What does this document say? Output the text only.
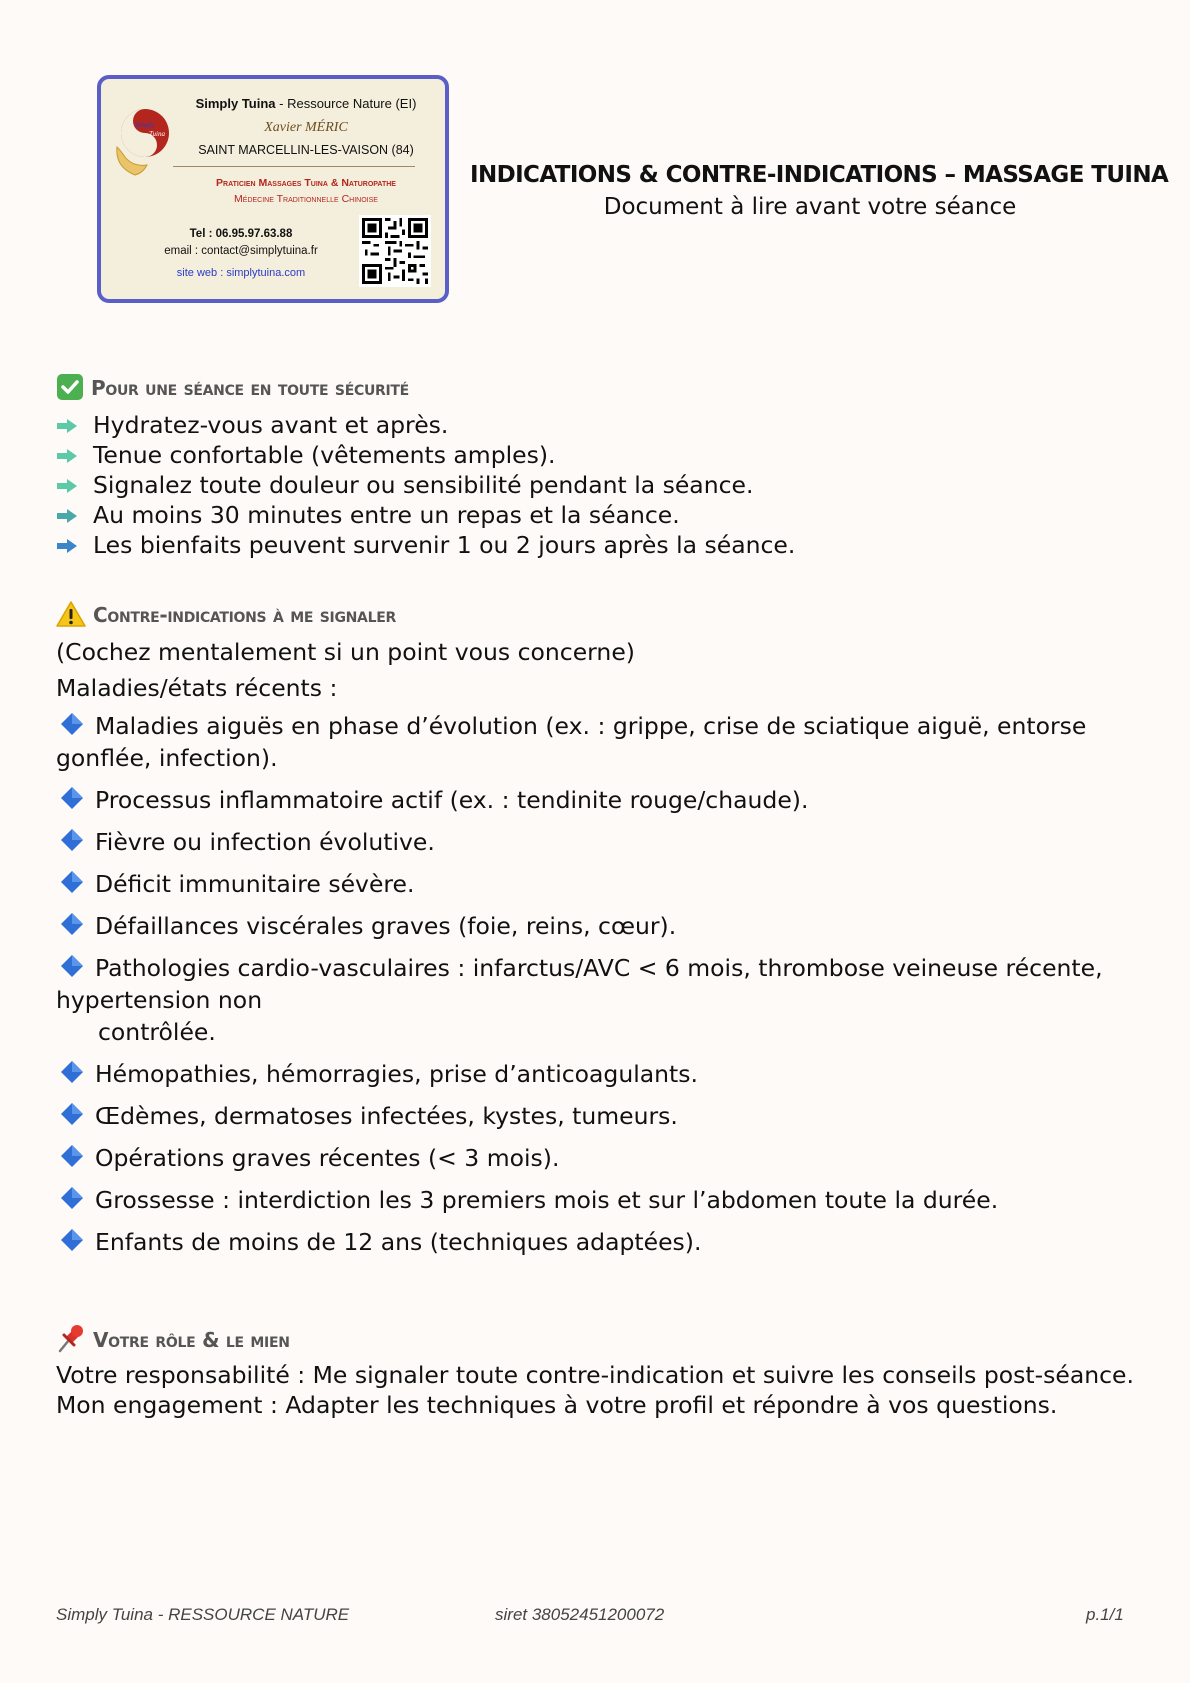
Simply
Tuina
Simply Tuina - Ressource Nature (EI)
Xavier MÉRIC
SAINT MARCELLIN-LES-VAISON (84)
Praticien Massages Tuina & Naturopathe
Médecine Traditionnelle Chinoise
Tel : 06.95.97.63.88
email : contact@simplytuina.fr
site web : simplytuina.com
INDICATIONS & CONTRE-INDICATIONS – MASSAGE TUINA
Document à lire avant votre séance
Pour une séance en toute sécurité
Hydratez-vous avant et après.
Tenue confortable (vêtements amples).
Signalez toute douleur ou sensibilité pendant la séance.
Au moins 30 minutes entre un repas et la séance.
Les bienfaits peuvent survenir 1 ou 2 jours après la séance.
Contre-indications à me signaler
(Cochez mentalement si un point vous concerne)
Maladies/états récents :
Maladies aiguës en phase d’évolution (ex. : grippe, crise de sciatique aiguë, entorse gonflée, infection).
Processus inflammatoire actif (ex. : tendinite rouge/chaude).
Fièvre ou infection évolutive.
Déficit immunitaire sévère.
Défaillances viscérales graves (foie, reins, cœur).
Pathologies cardio-vasculaires : infarctus/AVC < 6 mois, thrombose veineuse récente, hypertension non
contrôlée.
Hémopathies, hémorragies, prise d’anticoagulants.
Œdèmes, dermatoses infectées, kystes, tumeurs.
Opérations graves récentes (< 3 mois).
Grossesse : interdiction les 3 premiers mois et sur l’abdomen toute la durée.
Enfants de moins de 12 ans (techniques adaptées).
Votre rôle & le mien
Votre responsabilité : Me signaler toute contre-indication et suivre les conseils post-séance.
Mon engagement : Adapter les techniques à votre profil et répondre à vos questions.
Simply Tuina - RESSOURCE NATURE	siret 38052451200072	p.1/1
